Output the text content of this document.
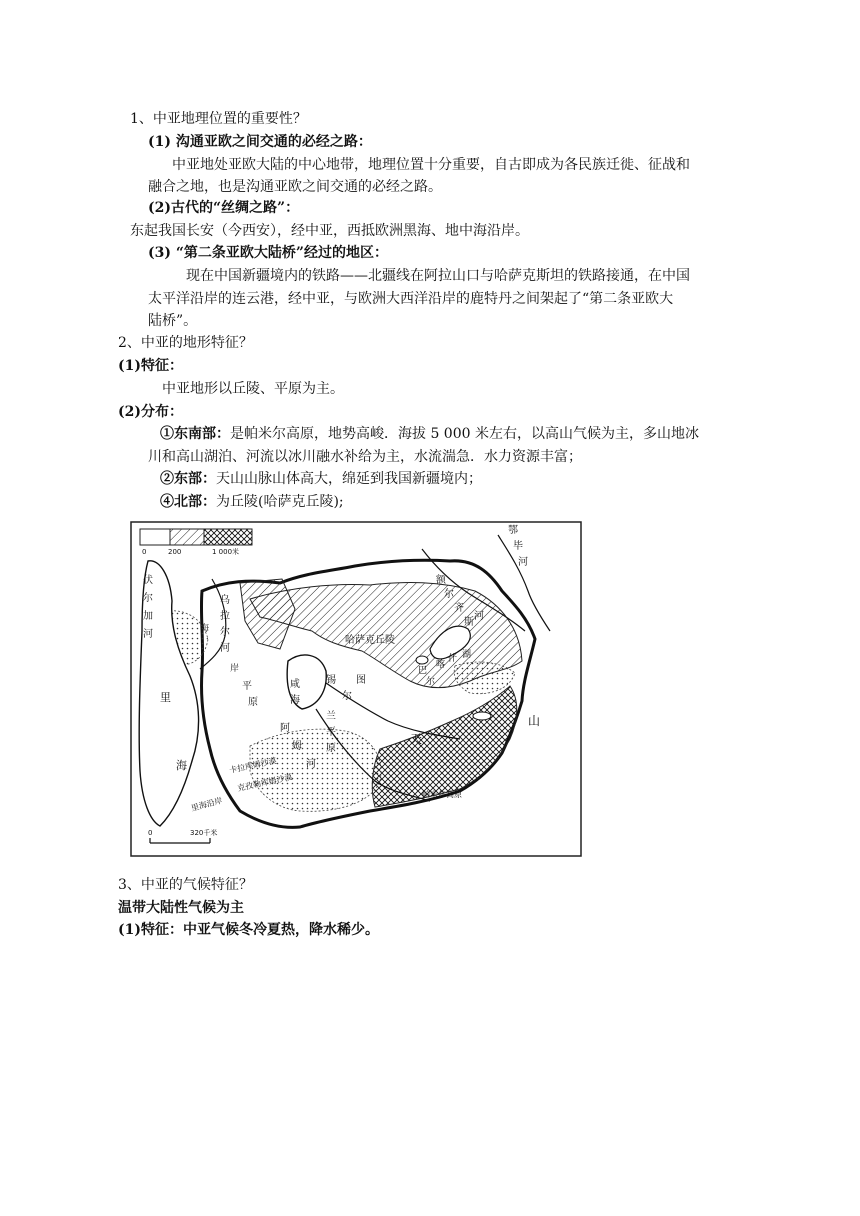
1、中亚地理位置的重要性？
(1) 沟通亚欧之间交通的必经之路：
中亚地处亚欧大陆的中心地带，地理位置十分重要，自古即成为各民族迁徙、征战和
融合之地，也是沟通亚欧之间交通的必经之路。
(2)古代的“丝绸之路”：
东起我国长安（今西安），经中亚，西抵欧洲黑海、地中海沿岸。
(3) “第二条亚欧大陆桥”经过的地区：
现在中国新疆境内的铁路——北疆线在阿拉山口与哈萨克斯坦的铁路接通，在中国
太平洋沿岸的连云港，经中亚，与欧洲大西洋沿岸的鹿特丹之间架起了“第二条亚欧大
陆桥”。
2、中亚的地形特征？
(1)特征：
中亚地形以丘陵、平原为主。
(2)分布：
①东南部：是帕米尔高原，地势高峻．海拔 5 000 米左右，以高山气候为主，多山地冰
川和高山湖泊、河流以冰川融水补给为主，水流湍急．水力资源丰富；
②东部：天山山脉山体高大，绵延到我国新疆境内；
④北部：为丘陵(哈萨克丘陵);
0	200	1 000米
鄂
毕
河
伏
尔
加
河
里
海
乌
拉
尔
河
海
岸
平
原
额
尔
齐
斯
河
哈萨克丘陵
巴
尔
喀
什 湖
咸
海
锡
尔
图
兰
平
原
阿
姆
河
天
山
卡拉库姆沙漠
克孜勒库姆沙漠
帕米尔高原
里海沿岸
0	320千米
3、中亚的气候特征？
温带大陆性气候为主
(1)特征：中亚气候冬冷夏热，降水稀少。
